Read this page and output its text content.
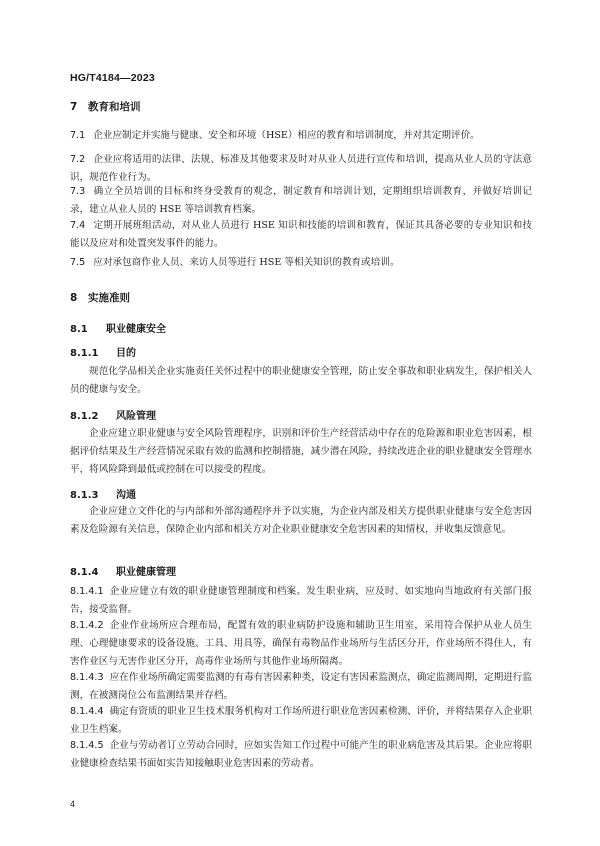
HG/T4184—2023
7 教育和培训

7.1 企业应制定并实施与健康、安全和环境（HSE）相应的教育和培训制度，并对其定期评价。

7.2 企业应将适用的法律、法规、标准及其他要求及时对从业人员进行宣传和培训，提高从业人员的守法意识，规范作业行为。

7.3 确立全员培训的目标和终身受教育的观念，制定教育和培训计划，定期组织培训教育，并做好培训记录，建立从业人员的 HSE 等培训教育档案。

7.4 定期开展班组活动，对从业人员进行 HSE 知识和技能的培训和教育，保证其具备必要的专业知识和技能以及应对和处置突发事件的能力。

7.5 应对承包商作业人员、来访人员等进行 HSE 等相关知识的教育或培训。

8 实施准则
8.1 职业健康安全
8.1.1 目的

规范化学品相关企业实施责任关怀过程中的职业健康安全管理，防止安全事故和职业病发生，保护相关人员的健康与安全。

8.1.2 风险管理

企业应建立职业健康与安全风险管理程序，识别和评价生产经营活动中存在的危险源和职业危害因素，根据评价结果及生产经营情况采取有效的监测和控制措施，减少潜在风险，持续改进企业的职业健康安全管理水平，将风险降到最低或控制在可以接受的程度。

8.1.3 沟通

企业应建立文件化的与内部和外部沟通程序并予以实施，为企业内部及相关方提供职业健康与安全危害因素及危险源有关信息，保障企业内部和相关方对企业职业健康安全危害因素的知情权，并收集反馈意见。

8.1.4 职业健康管理

8.1.4.1 企业应建立有效的职业健康管理制度和档案。发生职业病，应及时、如实地向当地政府有关部门报告，接受监督。

8.1.4.2 企业作业场所应合理布局，配置有效的职业病防护设施和辅助卫生用室，采用符合保护从业人员生理、心理健康要求的设备设施、工具、用具等，确保有毒物品作业场所与生活区分开，作业场所不得住人，有害作业区与无害作业区分开，高毒作业场所与其他作业场所隔离。

8.1.4.3 应在作业场所确定需要监测的有毒有害因素种类，设定有害因素监测点，确定监测周期，定期进行监测，在被测岗位公布监测结果并存档。

8.1.4.4 确定有资质的职业卫生技术服务机构对工作场所进行职业危害因素检测、评价，并将结果存入企业职业卫生档案。

8.1.4.5 企业与劳动者订立劳动合同时，应如实告知工作过程中可能产生的职业病危害及其后果。企业应将职业健康检查结果书面如实告知接触职业危害因素的劳动者。

4
